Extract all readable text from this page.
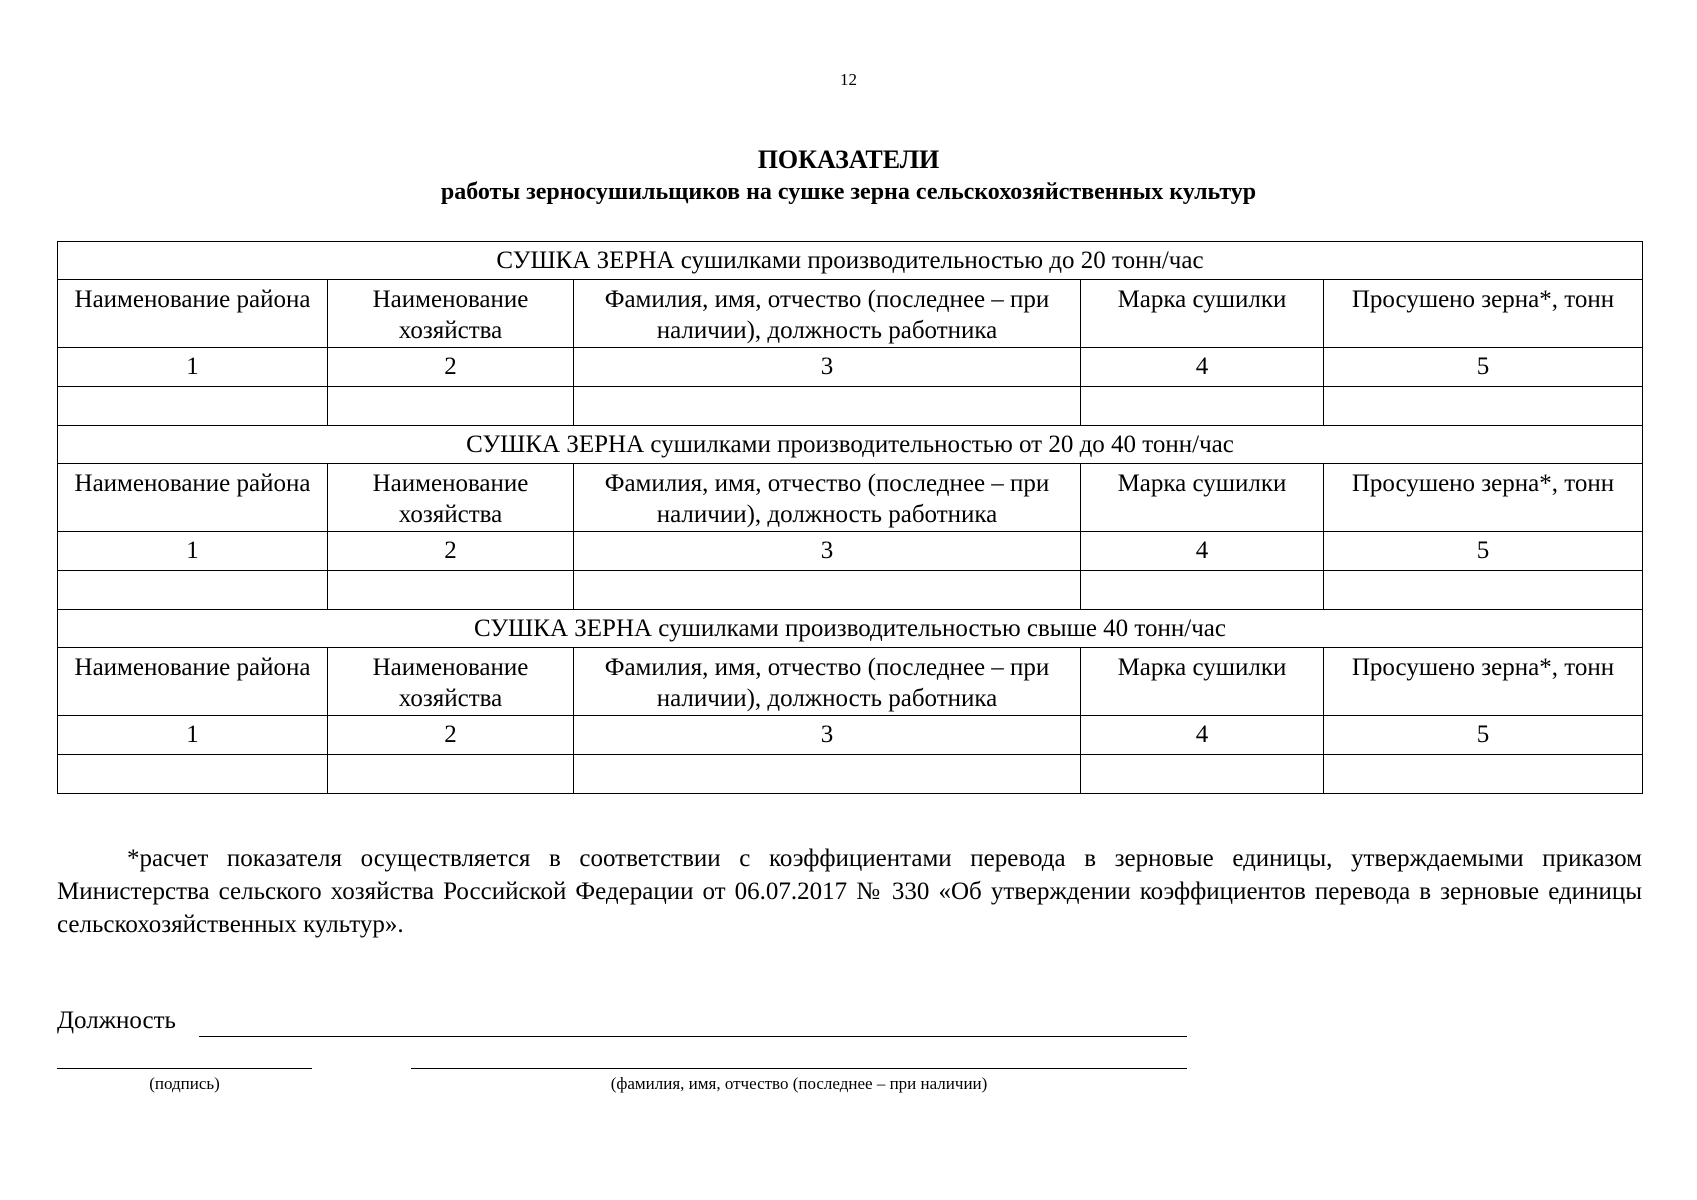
12
ПОКАЗАТЕЛИ
работы зерносушильщиков на сушке зерна сельскохозяйственных культур
СУШКА ЗЕРНА сушилками производительностью до 20 тонн/час				
Наименование района	Наименование хозяйства	Фамилия, имя, отчество (последнее – при наличии), должность работника	Марка сушилки	Просушено зерна*, тонн
1	2	3	4	5

СУШКА ЗЕРНА сушилками производительностью от 20 до 40 тонн/час				
Наименование района	Наименование хозяйства	Фамилия, имя, отчество (последнее – при наличии), должность работника	Марка сушилки	Просушено зерна*, тонн
1	2	3	4	5

СУШКА ЗЕРНА сушилками производительностью свыше 40 тонн/час				
Наименование района	Наименование хозяйства	Фамилия, имя, отчество (последнее – при наличии), должность работника	Марка сушилки	Просушено зерна*, тонн
1	2	3	4	5

*расчет показателя осуществляется в соответствии с коэффициентами перевода в зерновые единицы, утверждаемыми приказом Министерства сельского хозяйства Российской Федерации от 06.07.2017 № 330 «Об утверждении коэффициентов перевода в зерновые единицы сельскохозяйственных культур».
Должность
(подпись)	(фамилия, имя, отчество (последнее – при наличии)
